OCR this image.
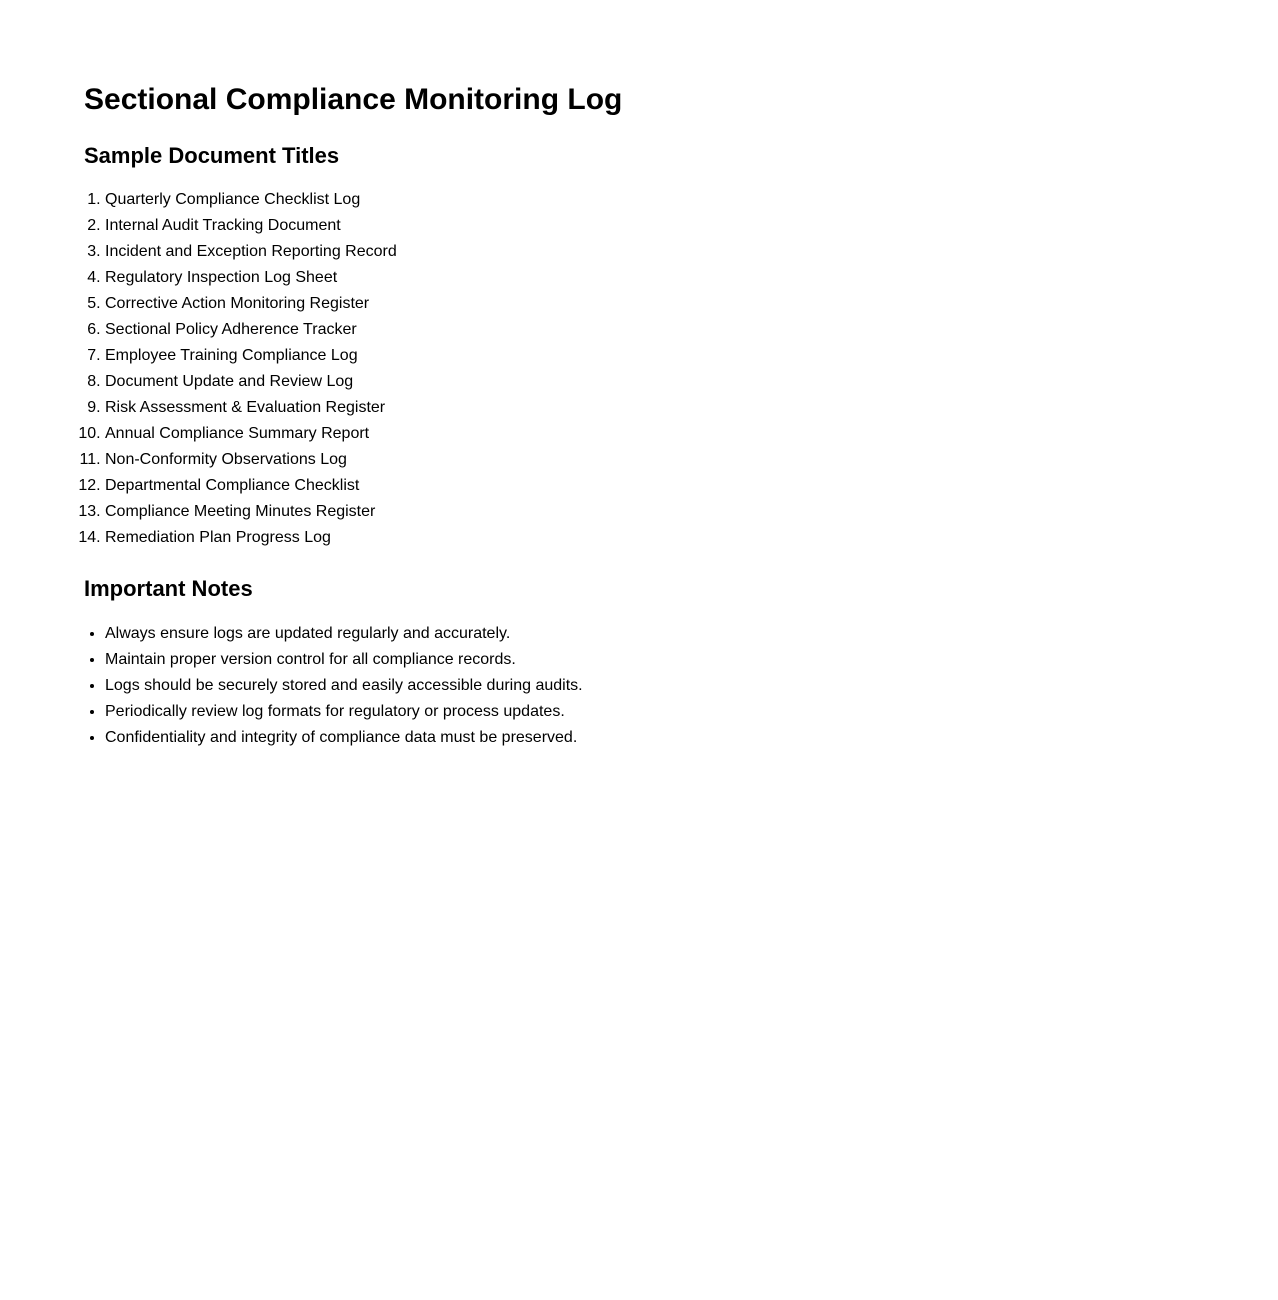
Sectional Compliance Monitoring Log
Sample Document Titles
1. Quarterly Compliance Checklist Log
2. Internal Audit Tracking Document
3. Incident and Exception Reporting Record
4. Regulatory Inspection Log Sheet
5. Corrective Action Monitoring Register
6. Sectional Policy Adherence Tracker
7. Employee Training Compliance Log
8. Document Update and Review Log
9. Risk Assessment & Evaluation Register
10. Annual Compliance Summary Report
11. Non-Conformity Observations Log
12. Departmental Compliance Checklist
13. Compliance Meeting Minutes Register
14. Remediation Plan Progress Log
Important Notes
• Always ensure logs are updated regularly and accurately.
• Maintain proper version control for all compliance records.
• Logs should be securely stored and easily accessible during audits.
• Periodically review log formats for regulatory or process updates.
• Confidentiality and integrity of compliance data must be preserved.
